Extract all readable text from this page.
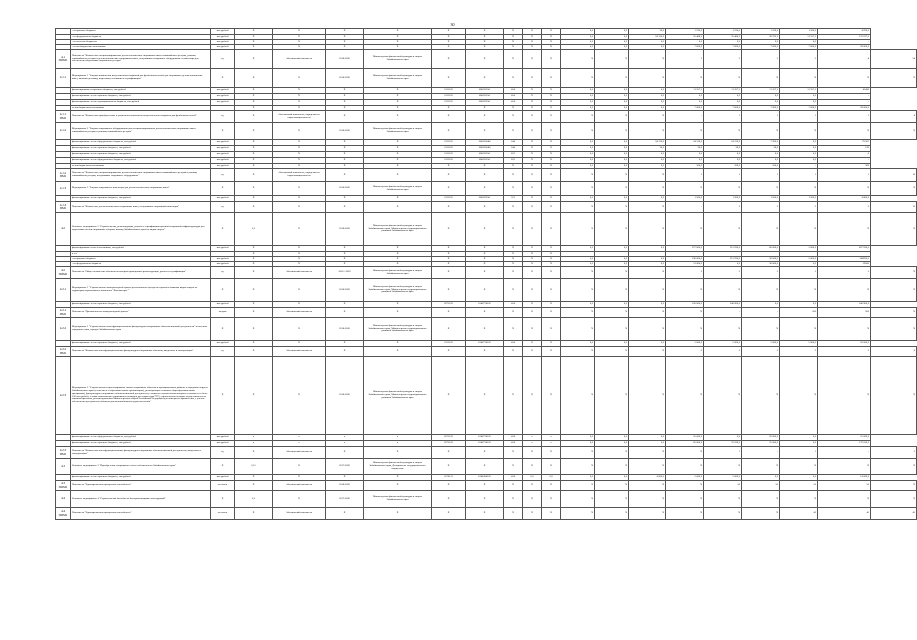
30
	- из краевого бюджета	тыс.рублей	X	X	X	X	X	X	X	X	X	0,0	0,0	30,0	1 230,0	1 230,0	1 230,0	1 200,0	4 920,0	
	- из федерального бюджета	тыс.рублей	X	X	X	X	X	X	X	X	X	0,0	0,0	24 120,0	35 466,5	35 466,5	38 323,3	11 557,5	122 877,0	
	- из местных бюджетов	тыс.рублей	X	X	X	X	X	X	X	X	X	0,0	0,0	0,0	0,0	0,0	0,0	0,0	-	
	- из внебюджетных источников	тыс.рублей	X	X	X	X	X	X	X	X	X	0,0	0,0	0,0	7 000,0	7 000,0	7 000,0	7 000,0	28 000,0	
4.1 ПОМ1	Показатель "Количество специализированных детско-юношеских спортивных школ олимпийского резерва, училищ олимпийского резерва и детско-юношеских спортивных школ, получивших спортивное оборудование и инвентарь для обеспечения подготовки спортивного резерва"	ед.	X	Абсолютный показатель	2016-2020	Министерство физической культуры и спорта Забайкальского края	X	X	X	X	X	X	X	X	3	5	5	5	4	24
4.1.1	Мероприятие 1 "Закупка комплектов искусственных покрытий для футбольных полей для спортивных детско-юношеских школ, включая доставку, подготовку основания и сертификацию"	X	X	X	2016-2020	Министерство физической культуры и спорта Забайкальского края	X	X	X	X	X	X	X	X	X	X	X	X	X	X
	финансирование из краевого бюджета, тыс.рублей	тыс.рублей	X	X	X	X	0111102	10403535i1	414	X	X	0,0	0,0	0,0	11 357,5	11 357,5	11 357,5	11 357,5	45430	
	финансирование за счет краевого бюджета, тыс.рублей	тыс.рублей	X	X	X	X	0111102	10403535i1	414	X	X	0,0	0,0	0,0	0,0	0,0	0,0	0,0	-	
	финансирование за счет муниципального бюджета, тыс.рублей	тыс.рублей	X	X	X	X	0111102	10403535i1	414	X	X	0,0	0,0	0,0	0,0	0,0	0,0	0,0	-	
	из внебюджетных источников		X	X	X	X	X	X	X	X	X	0,0	0,0	0,0	7 000,0	7 000,0	7 000,0	7 000,0	28 000,0	
4.1.1 ПМ1	Показатель "Количество приобретенных и уложенных комплектов искусственного покрытия для футбольных полей"	ед.	X	Абсолютный показатель, определяется нарастающим итогом	X	X	X	X	X	X	X	X	X	X	-	1	1	1	1	4
4.1.2	Мероприятие 2 "Закупка спортивного оборудования для специализированных детско-юношеских спортивных школ олимпийского резерва и училищ олимпийского резерва"	X	X	X	2016-2020	Министерство физической культуры и спорта Забайкальского края	X	X	X	X	X	X	X	X	X	X	X	X	X	X
	финансирование за счет федерального бюджета, тыс.рублей	тыс.рублей	X	X	X	X	0111102	10403504i0	244	X	X	0,0	0,0	24 120,0	24 120,0	24 120,0	7 200,0	0,0	79 567	
	финансирование за счет краевого бюджета, тыс.рублей	тыс.рублей	X	X	X	X	0111102	10403504i0	244	X	X	0,0	0,0	30,0	30,0	30,0	30,0	0,0	120	
	финансирование за счет краевого бюджета, тыс.рублей	тыс.рублей	X	X	X	X	0111102	10403535i1	612	X	X	0,0	0,0	0,0	0,0	0,0	0,0	0,0	0	
	финансирование за счет федерального бюджета, тыс.рублей	тыс.рублей	X	X	X	X	0111102	10403535i1	612	X	X	0,0	0,0	0,0	0,0	0,0	0,0	0,0	-	
	из внебюджетных источников	тыс.рублей	X	X	X	X	X	X	X	X	X	0,0	0,0	0,0	100,0	100,0	100,0	-	300	
4.1.2 ПМ1	Показатель "Количество специализированных детско-юношеских спортивных школ олимпийского резерва и училищ олимпийского резерва, получивших спортивное оборудование"	ед.	X	Абсолютный показатель, определяется нарастающим итогом	X	X	X	X	X	X	X	X	X	X	1	1	1	1	1	10
4.1.3	Мероприятие 3 "Закупка спортивного инвентаря для детско-юношеских спортивных школ"	X	X	X	2016-2020	Министерство физической культуры и спорта Забайкальского края	X	X	X	X	X	X	X	X	X	X	X	X	X	X
	финансирование за счет краевого бюджета, тыс.рублей	тыс.рублей	X	X	X	X	0111102	10403535i1	521	X	X	0,0	0,0	0,0	1 200,0	1 200,0	1 200,0	1 200,0	4 800,0	
4.1.3 ПМ1	Показатель "Количество детско-юношеских спортивных школ, получивших спортивный инвентарь"	ед.	X	X	X	X	X	X	X	X	X	X	X	X	-	3	3	3	3	12
4.2	Основное мероприятие 2 "Строительство, реконструкция, ремонт и сертификация краевой спортивной инфраструктуры для подготовки членов спортивных сборных команд Забайкальского края по видам спорта"	X	0,5	X	2016-2020	Министерство физической культуры и спорта Забайкальского края, Министерство территориального развития Забайкальского края	X	X	X	X	X	X	X	X	X	X	X	X	X	X
	финансирование из всех источников, тыс.рублей	тыс.рублей	X	X	X	X	X	X	X	X	X	0,0	0,0	0,0	227 000,0	315 930,0	60 000,0	5 000,0	607 930,0	
	в т.ч.		X	X	X	X	X	X	X	X	X									
	- из краевого бюджета	тыс.рублей	X	X	X	X	X	X	X	X	X	0,0	0,0	0,0	196 000,0	315 930,0	30 000,0	5 000,0	548930,0	
	- из федерального бюджета	тыс.рублей	X	X	X	X	X	X	X	X	X	0,0	0,0	0,0	31 000,0	0,0	30 000,0	0,0	59000	
4.2 ПОМ1	Показатель "Общее количество объектов на которых проводились реконструкция, ремонт и сертификация"	ед.	X	Абсолютный показатель	2016 - 2020	Министерство физической культуры и спорта Забайкальского края	X	X	X	X	X	X	X	X	3	5	5	5	5	X
4.2.1	Мероприятие 1 "Строительство лыжероллерной трассы регионального центра по горным и лыжным видам спорта на территории горнолыжного комплекса "Высокогорье""	X	X	X	2016-2020	Министерство физической культуры и спорта Забайкальского края, Министерство территориального развития Забайкальского края	X	X	X	X	X	X	X	X	X	X	X	X	X	X
	финансирование за счет краевого бюджета, тыс.рублей	тыс.рублей	X	X	X	X	0271102	1040774102	414	X	X	0,0	0,0	0,0	100 000,0	240 900,0	0,0	0,0	340 900,0	
4.2.1 ПМ1	Показатель "Протяженность лыжероллерной трассы"	метров	X	Абсолютный показатель	X	X	X	X	X	X	X	X	X	X	X	-	-	200	200	X
4.2.2	Мероприятие 2 "Строительство многофункциональных физкультурно-спортивных объектов шаговой доступности" в поселках городского типа, городах Забайкальского края	X	X	X	2016-2020	Министерство физической культуры и спорта Забайкальского края, Министерство территориального развития Забайкальского края	X	X	X	X	X	X	X	X	X	X	X	X	X	X
	финансирование за счет краевого бюджета, тыс.рублей	тыс.рублей	X	X	X	X	0111102	1040774102	414	X	X	0,0	0,0	0,0	5 000,0	5 000,0	5 000,0	5 000,0	20 000,0	
4.2.2 ПМ1	Показатель "Количество многофункциональных физкультурно-спортивных объектов, введенных в эксплуатацию"	ед.	X	Абсолютный показатель	X	X	X	X	X	X	X	X	X	X	0	2	2	2	2	8
4.2.3	Мероприятие 3 "Строительство и проектирование новых спортивных объектов в муниципальных районах и городских округах Забайкальского края (в том числе в образовательных организациях), реализующих основные общеобразовательные программы), физкультурно-спортивных объектов шаговой доступности, стоимость строительства которых составляет не более 100 млн рублей, а также комплексных спортивных площадок для сдачи норм ГТО, строительство которых осуществляется по типовым проектам, рекомендованным Министерством спорта Российской Федерации для повторного применения, с учетом обеспечения доступности объектов для маломобильных групп населения"	X	X	X	2016-2020	Министерство физической культуры и спорта Забайкальского края, Министерство территориального развития Забайкальского края	X	X	X	X	X	X	X	X	X	X	X	X	X	X
	финансирование за счет федерального бюджета, тыс.рублей	тыс.рублей	x	x	x	x	0271102	1040774102	414	x	x	0,0	0,0	0,0	35 000,0	0,0	20 000,0	0,0	55 000,0	
	финансирование за счет краевого бюджета, тыс.рублей	тыс.рублей	x	x	x	x	0271102	1040774102	414	x	x	0,0	0,0	0,0	85 000,0	70 030,0	25 000,0	0,0	179 030,0	
4.2.3 ПМ1	Показатель "Количество многофункциональных физкультурно-спортивных объектов шаговой доступности, введенных в эксплуатацию"	ед.	X	Абсолютный показатель	X	X	X	X	X	X	X	X	X	X	X	1	-	1	-	3
4.3	Основное мероприятие 3 "Приобретение спортивного зала в собственность Забайкальского края"	X	0,15	X	2017-2020	Министерство физической культуры и спорта Забайкальского края, Департамент государственного имущества	X	X	X	X	X	X	X	X	X	X	X	X	X	X
	финансирование за счет краевого бюджета, тыс.рублей	тыс.рублей	X	X	X	X	0170113	1040304102	414	0,0	0,0	0,0	0,0	4 000,0	5 000,0	5 000,0	0,0	0,0	14 000,0	
4.3 ПОМ1	Показатель "Единовременная пропускная способность"	чел.смен	X	Абсолютный показатель	2016-2020	X	X	X	X	X	X	X	X	X	X	50	50	50	50	X
4.4	Основное мероприятие 4 "Строительство бассейна из быстровозводимых конструкций"	X	0,5	X	2017-2020	Министерство физической культуры и спорта Забайкальского края	X	X	X	X	X	X	X	X	X	X	X	X	X	X
4.4 ПОМ1	Показатель "Единовременная пропускная способность"	чел.смен	X	Абсолютный показатель	X	X	X	X	X	X	X	X	X	X	X	X	X	45	45	45
